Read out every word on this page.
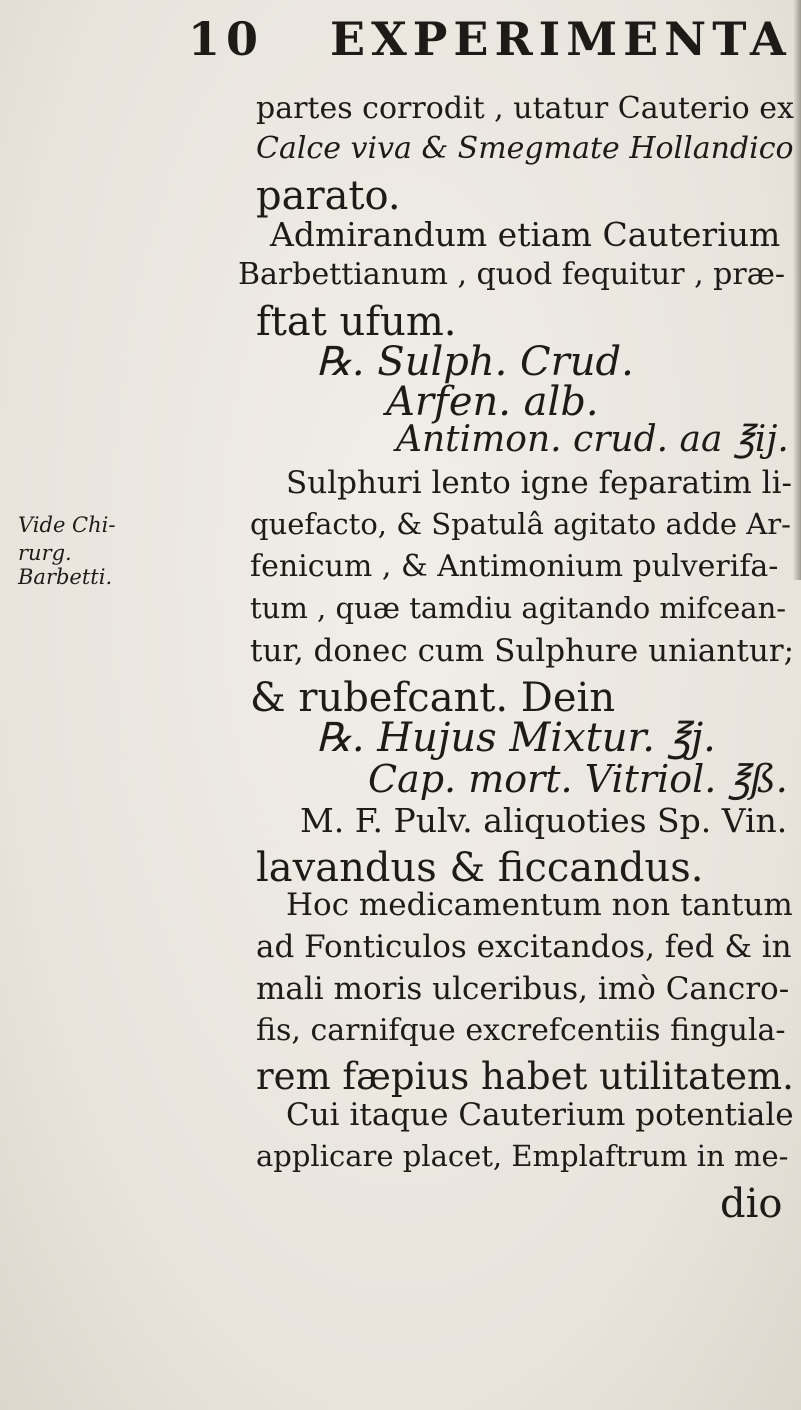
10 EXPERIMENTA
Vide Chi-
rurg.
Barbetti.
partes corrodit , utatur Cauterio ex
Calce viva & Smegmate Hollandico
parato.
Admirandum etiam Cauterium
Barbettianum , quod fequitur , præ-
ftat ufum.
℞. Sulph. Crud.
Arfen. alb.
Antimon. crud. aa ℥ij.
Sulphuri lento igne feparatim li-
quefacto, & Spatulâ agitato adde Ar-
fenicum , & Antimonium pulverifa-
tum , quæ tamdiu agitando mifcean-
tur, donec cum Sulphure uniantur;
& rubefcant. Dein
℞. Hujus Mixtur. ℥j.
Cap. mort. Vitriol. ℥ß.
M. F. Pulv. aliquoties Sp. Vin.
lavandus & ficcandus.
Hoc medicamentum non tantum
ad Fonticulos excitandos, fed & in
mali moris ulceribus, imò Cancro-
fis, carnifque excrefcentiis fingula-
rem fæpius habet utilitatem.
Cui itaque Cauterium potentiale
applicare placet, Emplaftrum in me-
dio
